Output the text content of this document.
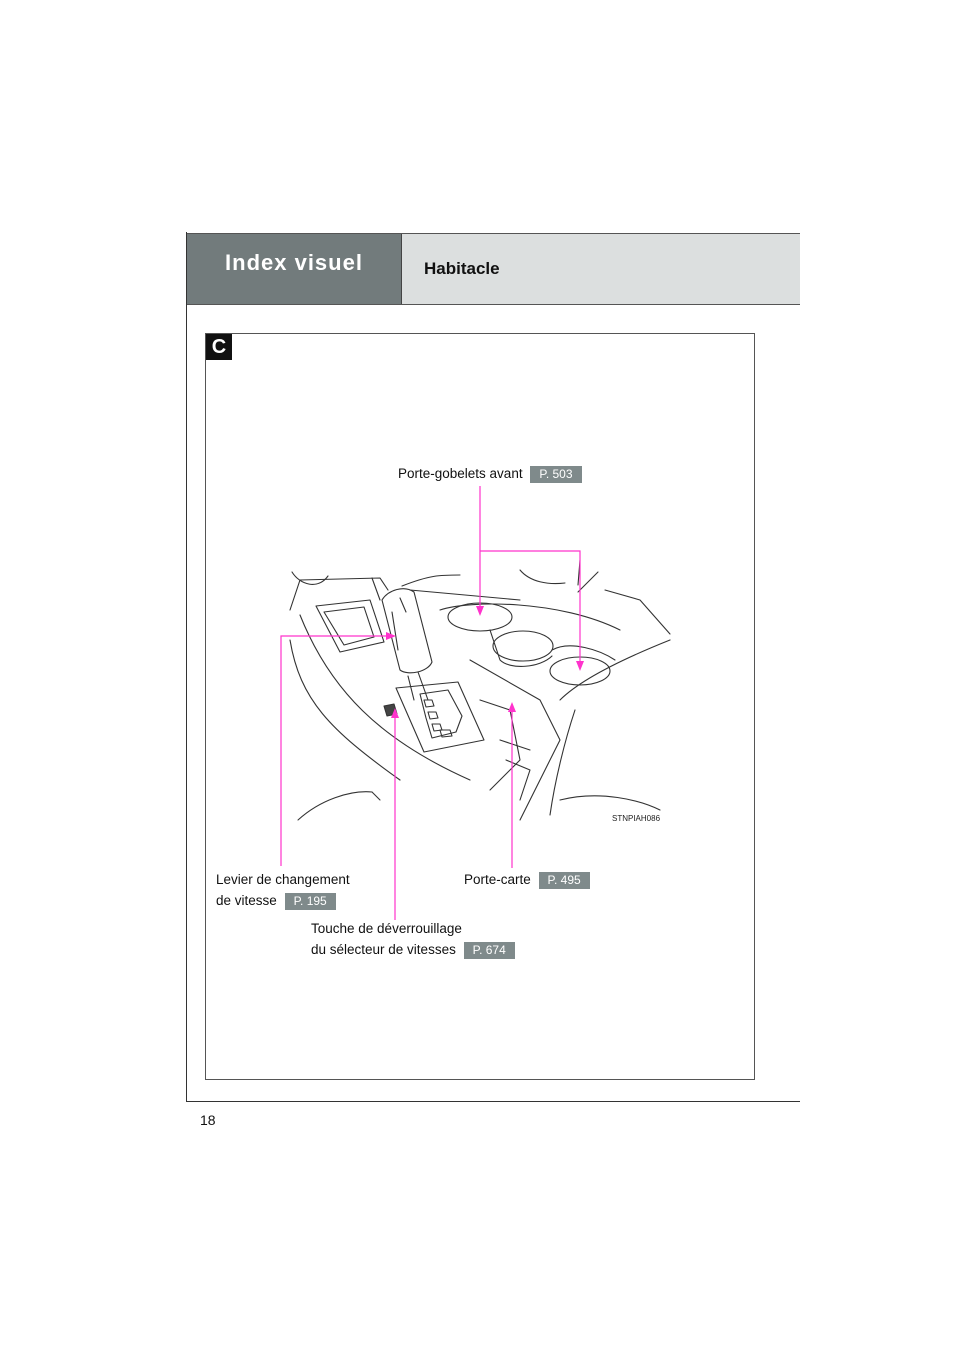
Index visuel	Habitacle
C
Porte-gobelets avant P. 503
Levier de changement
de vitesse P. 195
Porte-carte P. 495
Touche de déverrouillage
du sélecteur de vitesses P. 674
STNPIAH086
18
